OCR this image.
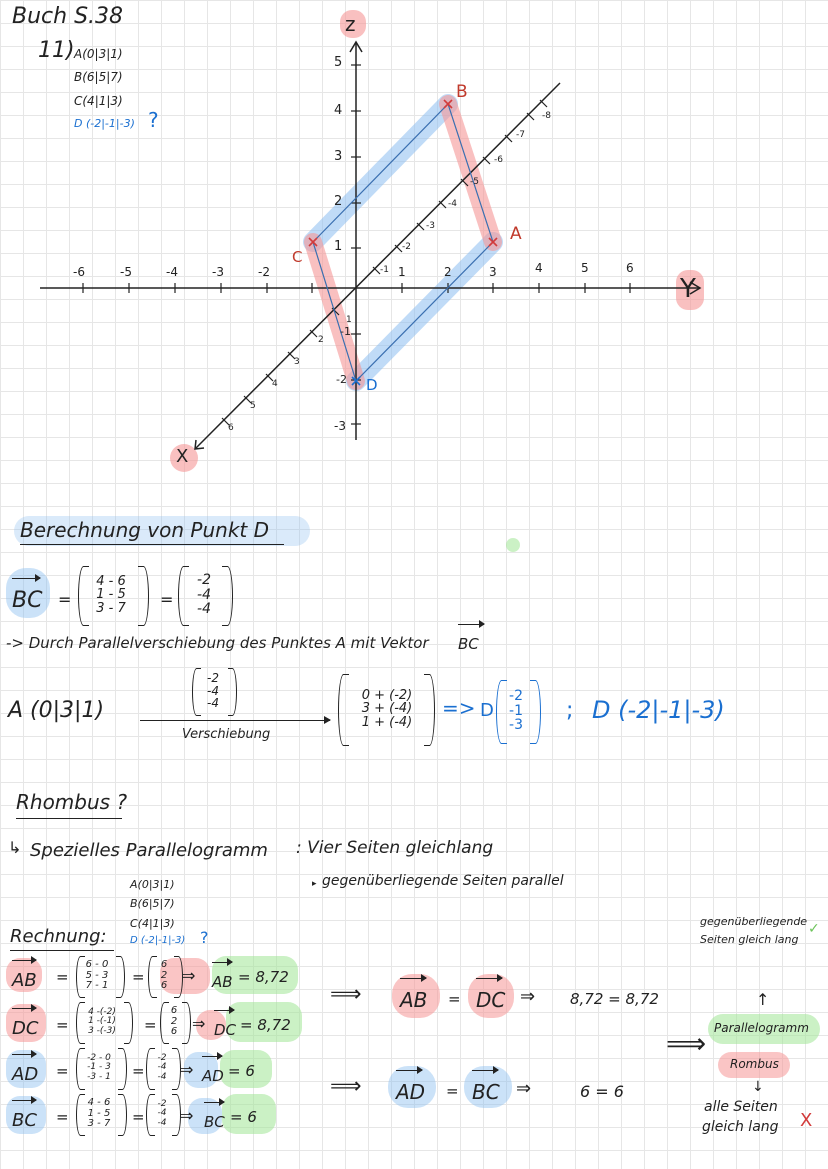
Buch S.38
11) A(0|3|1)
B(6|5|7)
C(4|1|3)
D (-2|-1|-3) ?
z
Y
X
-6	-5	-4	-3	-2	1	2	3	4	5	6
5
4
3
2
1
-1
-2
-3
1
2
3
4
5
6
-1
-2
-3
-4
-5
-6
-7
-8
B
A
C
D
Berechnung von Punkt D
BC =
4 - 6
1 - 5
3 - 7 =
-2
-4
-4
-> Durch Parallelverschiebung des Punktes A mit Vektor BC
A (0|3|1)
-2
-4
-4
Verschiebung
0 + (-2)
3 + (-4)
1 + (-4)
=> D
-2
-1
-3
; D (-2|-1|-3)
Rhombus ?
↳ Spezielles Parallelogramm : Vier Seiten gleichlang
▸ gegenüberliegende Seiten parallel
A(0|3|1)
B(6|5|7)
C(4|1|3)
D (-2|-1|-3) ?
Rechnung:
AB =
6 - 0
5 - 3
7 - 1 =
6
2
6
⇒ AB = 8,72
DC =
4 -(-2)
1 -(-1)
3 -(-3) =
6
2
6 ⇒ DC = 8,72
AD =
-2 - 0
-1 - 3
-3 - 1 =
-2
-4
-4 ⇒ AD = 6
BC =
4 - 6
1 - 5
3 - 7 =
-2
-4
-4 ⇒ BC = 6
⟹ AB = DC ⇒ 8,72 = 8,72
⟹ AD = BC ⇒	6 = 6
gegenüberliegende
Seiten gleich lang
✓
↑
⟹ Parallelogramm
Rombus
↓
alle Seiten
gleich lang X
